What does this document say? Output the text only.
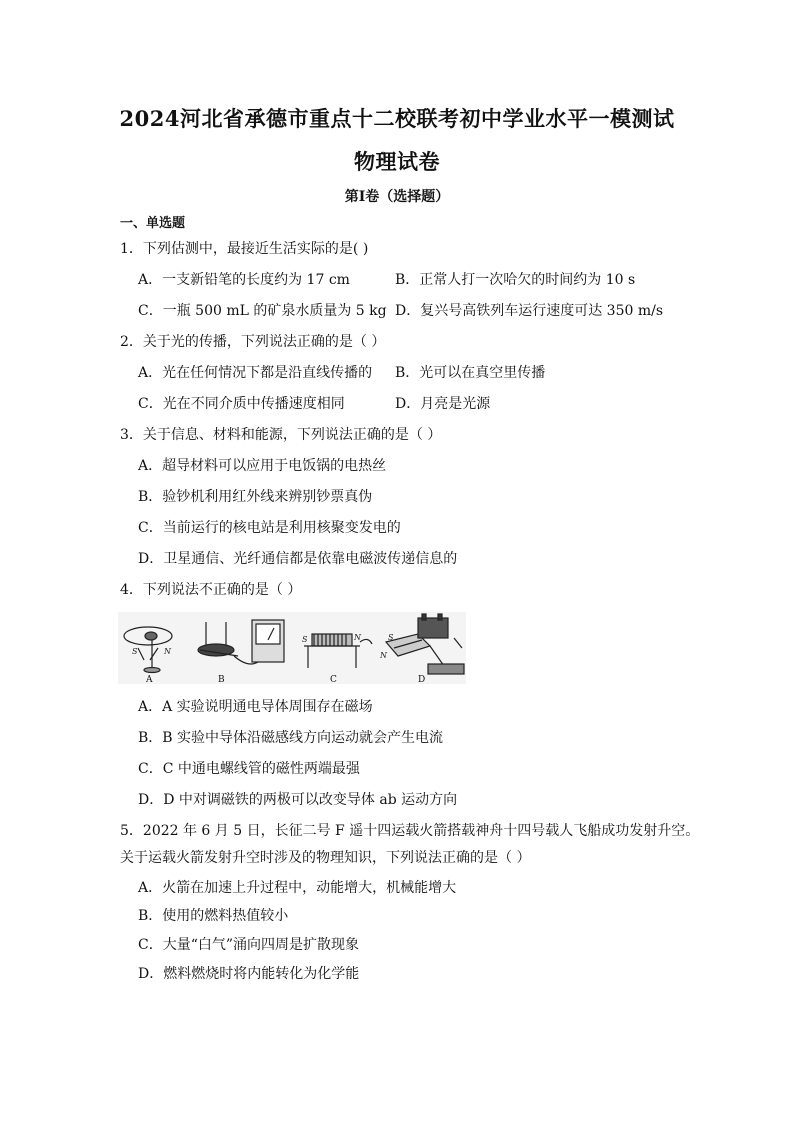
2024河北省承德市重点十二校联考初中学业水平一模测试
物理试卷
第I卷（选择题）
一、单选题
1．下列估测中，最接近生活实际的是( )
A．一支新铅笔的长度约为 17 cm	B．正常人打一次哈欠的时间约为 10 s
C．一瓶 500 mL 的矿泉水质量为 5 kg D．复兴号高铁列车运行速度可达 350 m/s
2．关于光的传播，下列说法正确的是（ ）
A．光在任何情况下都是沿直线传播的 B．光可以在真空里传播
C．光在不同介质中传播速度相同	D．月亮是光源
3．关于信息、材料和能源，下列说法正确的是（ ）
A．超导材料可以应用于电饭锅的电热丝
B．验钞机利用红外线来辨别钞票真伪
C．当前运行的核电站是利用核聚变发电的
D．卫星通信、光纤通信都是依靠电磁波传递信息的
4．下列说法不正确的是（ ）
S	N
S	N	S
N
A	B	C	D
A．A 实验说明通电导体周围存在磁场
B．B 实验中导体沿磁感线方向运动就会产生电流
C．C 中通电螺线管的磁性两端最强
D．D 中对调磁铁的两极可以改变导体 ab 运动方向
5．2022 年 6 月 5 日，长征二号 F 遥十四运载火箭搭载神舟十四号载人飞船成功发射升空。
关于运载火箭发射升空时涉及的物理知识，下列说法正确的是（ ）
A．火箭在加速上升过程中，动能增大，机械能增大
B．使用的燃料热值较小
C．大量“白气”涌向四周是扩散现象
D．燃料燃烧时将内能转化为化学能
